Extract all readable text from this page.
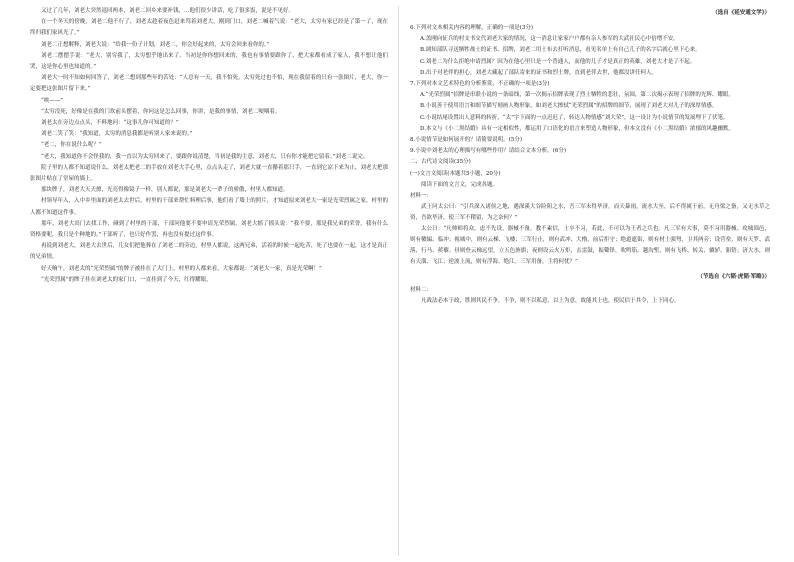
又过了几年，刘老大突然退回两本，刘老二回乡来要补钱，…他们很少讲话，吃了很多饭，说是不见好。

在一个冬天的傍晚，刘老二他不行了，刘老太趁着夜色赶来骂着刘老大，刚到门口，刘老二喊着气说：“老大，太穷有家已经是了第一了，现在终归我们家风光了。”

刘老二正想解释，刘老大说：“给我一份子计划，刘老二，你会好起来的，太穷会回来看你的。”

刘老二摆摆手说：“老大，别穷我了，太穷想乎地出来了。当初是你你想回来的，我也有事情要跟你了，把大家都看成了家人，我不想让他们哭，这是你心里也知道的。”

刘老大一时不知如何回答了，刘老二想到那些年的苦处：“人总有一天，我不怕死，太穷死过也不怕，现在我留着的只有一张图片，老大，你一定要把这张图片留下来。”

“唉——”

“太穷没死，好像是在我的门坎前头摆着，你问这是怎么回事，你讲，是我的事情，刘老二哽咽着。

刘老太在旁边点点头，不料地问：“这事儿你可知道的？”

刘老二笑了笑：“我知道，太穷的消息我都是听别人家来说的。”

“老二，你在说什么呢？”

“老大，我知道你不会怪我的，我一直以为太穷回来了，要跟你说清楚，当初是我的主意，刘老大，只有你才能把它留着。”刘老二说完。

院子里的人都不知道说什么，刘老太把老二的手放在刘老大手心里，点点头走了，刘老大就一直攥着那只手，一直到它凉下来为止，刘老大把那张图片贴在了堂屋的墙上。

那块牌子，刘老大天天擦，光亮得像镜子一样，别人都说，那是刘老大一辈子的骄傲，村里人都知道。

村领导年入，入中乡里面的刘老太去世后，村里的干部来帮忙料理后事，他们看了墙上的照片，才知道原来刘老大一家是光荣烈属之家，村里的人都不知道这件事。

那年，刘老大出门去找工作，碰到了村里的干部，干部问他要不要申请光荣烈属，刘老大摇了摇头说：“我不要，那是我兄弟的荣誉，我有什么资格要呢，我只是个种地的。”干部听了，也只好作罢，再也没有提过这件事。

再说到刘老大，刘老大去世后，儿女们把他葬在了刘老二的旁边，村里人都说，这两兄弟，活着的时候一起吃苦，死了也要在一起，这才是真正的兄弟情。

好天晌午，刘老太的“光荣烈属”的牌子被挂在了大门上，村里的人都来看，大家都说：“刘老大一家，真是光荣啊！”

“光荣烈属”的牌子挂在刘老太的家门口，一直挂到了今天，红得耀眼。

（选自《延安通文学》）

6.下列对文本相关内容的理解，正确的一项是(3分)

A.盖刚向征兵的村支书交代刘老大家的情况，这一消息让家家户户都有亲人参军的大武社民心中倍增不安。

B.调知部队寻送牺牲战士的证书、招牌，刘老二用土布去打听消息，看见名单上有自己儿子的名字后就心里下心来。

C.刘老二为什么拒绝申请烈属？因为在他心里只是一个普通人，而他的儿子才是真正的英雄，刘老大才是了不起。

D.出于对老伴的担心，刘老大藏起了部队寄来的证书和烈士牌，直到老伴去世，他都没讲任何人。

7.下列对本文艺术特色的分析鉴赏，不正确的一项是(3分)

A.“光荣烈属”招牌是串联小说的一条暗线，第一次揭示招牌表现了烈士牺牲的悲壮，氛围，第二次揭示表现了招牌的光辉、耀眼。

B.小说善于使用语言和细节描写刻画人物形象，如刘老大擦拭“光荣烈属”的招牌的细节，展现了刘老大对儿子的深厚情感。

C.小说结尾设置出人意料的转折，“太”字下面的一点迟迟了，转达人物情感“刘大荣”，这一设计为小说情节的发展埋下了伏笔。

D.本文与《小二黑结婚》具有一定相似性，都运用了口语化的语言来塑造人物形象，但本文没有《小二黑结婚》浓郁的风趣幽默。

8.小说情节是如何展开的？请简要说明。(5分)

9.小说中刘老太的心理描写有哪些作用？请结合文本分析。(6分)

二、古代诗文阅读(35分)

(一)文言文阅读(本题共5小题，20分)

阅读下面的文言文，完成各题。

材料一：

武王问太公曰：“引兵深入诸侯之地，遇深溪大谷险阻之水，吾三军未得毕济，而天暴雨，流水大至，后不得属于前，无舟梁之备，又无水草之资，吾欲毕济，使三军不稽留，为之奈何？”

太公曰：“凡帅师将众，虑不先设，器械不备，教不素信，士卒不习，若此，不可以为王者之兵也。凡三军有大事，莫不习用器械。攻城围邑，则有轒辒、临冲；视城中，则有云梯、飞楼；三军行止，则有武冲、大橹，前后拒守；绝道遮街，则有材士强弩，卫其两旁；设营垒，则有天罗、武落、行马、蒺藜。昼则登云梯远望，立五色旌旗；夜则设云火万炬，击雷鼓，振鼙铎，吹鸣笳。越沟堑，则有飞桥、转关、辘轳、鉏铻；济大水，则有天潢、飞江；逆波上流，则有浮海、绝江。三军用备，主将何忧？”

（节选自《六韬·虎韬·军略》）

材料二：

凡战法必本于政，胜则其民不争，不争，则不以私意，以上为意，故能其上也，使民信于其令，上下同心。
